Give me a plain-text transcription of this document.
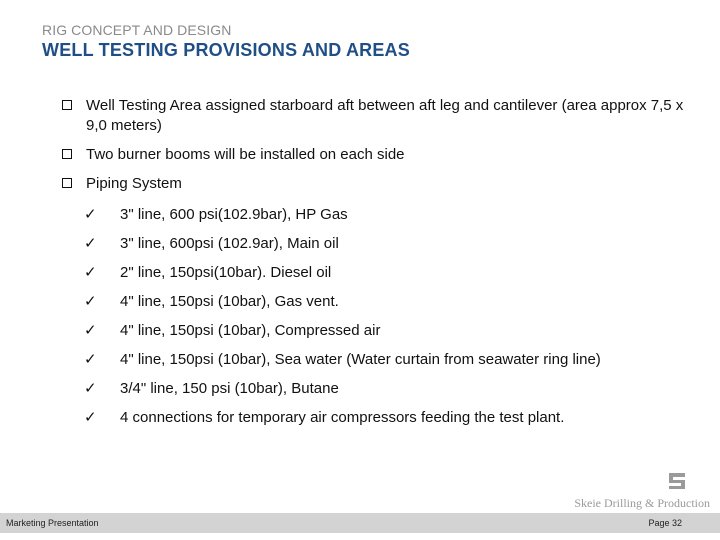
RIG CONCEPT AND DESIGN
WELL TESTING PROVISIONS AND AREAS
Well Testing Area assigned starboard aft between aft leg and cantilever (area approx 7,5 x 9,0 meters)
Two burner booms will be installed on each side
Piping System
✓ 3" line, 600 psi(102.9bar), HP Gas
✓ 3" line, 600psi (102.9ar), Main oil
✓ 2" line, 150psi(10bar). Diesel oil
✓ 4" line, 150psi (10bar), Gas vent.
✓ 4" line, 150psi (10bar), Compressed air
✓ 4" line, 150psi (10bar), Sea water (Water curtain from seawater ring line)
✓ 3/4" line, 150 psi (10bar), Butane
✓ 4 connections for temporary air compressors feeding the test plant.
Skeie Drilling & Production
Marketing Presentation	Page 32
